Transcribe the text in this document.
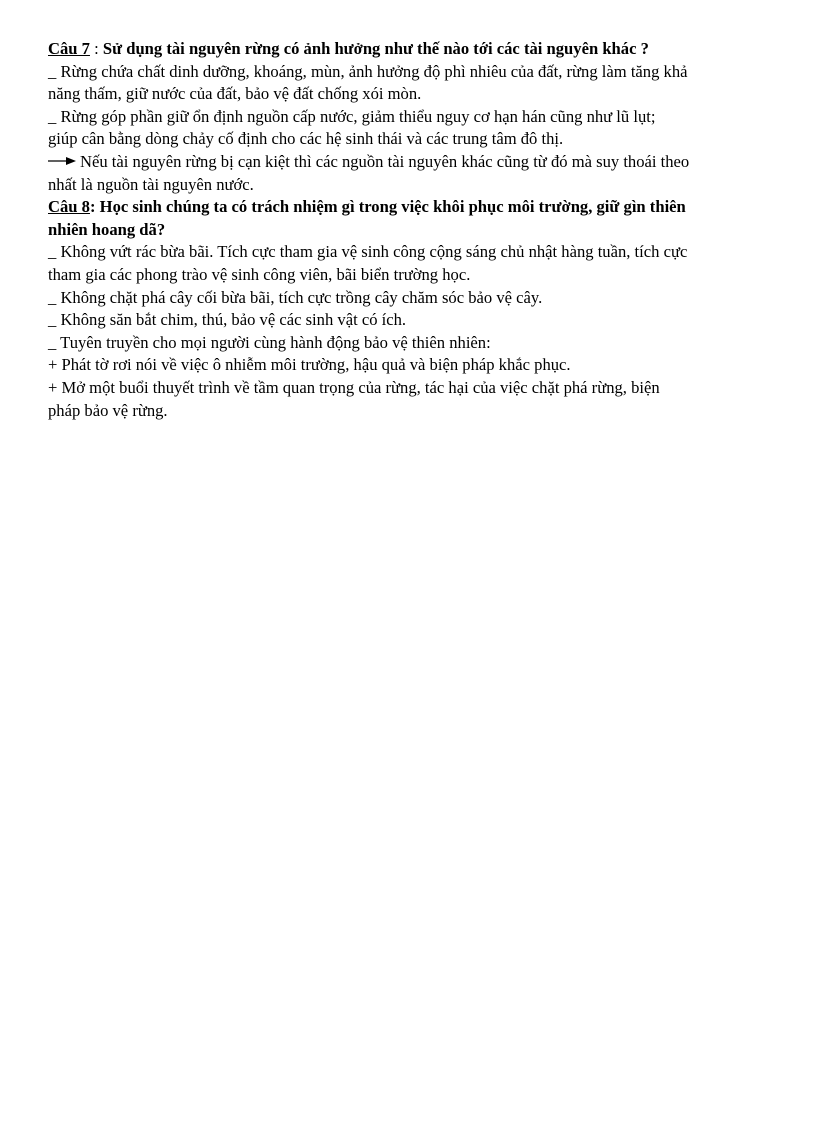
Câu 7 : Sử dụng tài nguyên rừng có ảnh hưởng như thế nào tới các tài nguyên khác ?
_ Rừng chứa chất dinh dưỡng, khoáng, mùn, ảnh hưởng độ phì nhiêu của đất, rừng làm tăng khả
năng thấm, giữ nước của đất, bảo vệ đất chống xói mòn.
_ Rừng góp phần giữ ổn định nguồn cấp nước, giảm thiểu nguy cơ hạn hán cũng như lũ lụt;
giúp cân bằng dòng chảy cố định cho các hệ sinh thái và các trung tâm đô thị.
Nếu tài nguyên rừng bị cạn kiệt thì các nguồn tài nguyên khác cũng từ đó mà suy thoái theo
nhất là nguồn tài nguyên nước.
Câu 8: Học sinh chúng ta có trách nhiệm gì trong việc khôi phục môi trường, giữ gìn thiên
nhiên hoang dã?
_ Không vứt rác bừa bãi. Tích cực tham gia vệ sinh công cộng sáng chủ nhật hàng tuần, tích cực
tham gia các phong trào vệ sinh công viên, bãi biển trường học.
_ Không chặt phá cây cối bừa bãi, tích cực trồng cây chăm sóc bảo vệ cây.
_ Không săn bắt chim, thú, bảo vệ các sinh vật có ích.
_ Tuyên truyền cho mọi người cùng hành động bảo vệ thiên nhiên:
+ Phát tờ rơi nói về việc ô nhiễm môi trường, hậu quả và biện pháp khắc phục.
+ Mở một buổi thuyết trình về tầm quan trọng của rừng, tác hại của việc chặt phá rừng, biện
pháp bảo vệ rừng.
